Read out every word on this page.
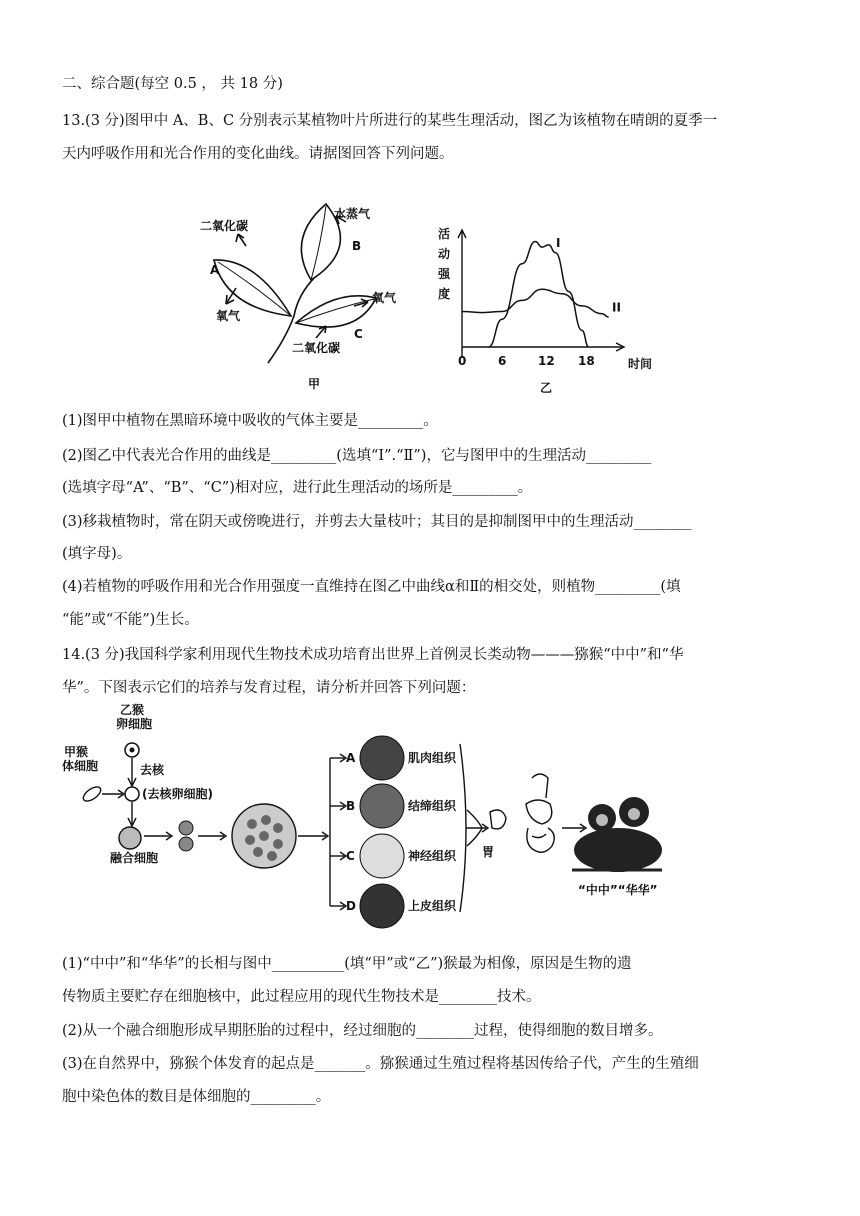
二、综合题(每空 0.5 ， 共 18 分)
13.(3 分)图甲中 A、B、C 分别表示某植物叶片所进行的某些生理活动，图乙为该植物在晴朗的夏季一
天内呼吸作用和光合作用的变化曲线。请据图回答下列问题。
二氧化碳
水蒸气
A
B
氧气
氧气
二氧化碳
C
甲
活
动
强
度
0	6	12 18
I
II
时间
乙
(1)图甲中植物在黑暗环境中吸收的气体主要是_________。
(2)图乙中代表光合作用的曲线是_________(选填“Ⅰ”.“Ⅱ”)，它与图甲中的生理活动_________
(选填字母“A”、“B”、“C”)相对应，进行此生理活动的场所是_________。
(3)移栽植物时，常在阴天或傍晚进行，并剪去大量枝叶；其目的是抑制图甲中的生理活动________
(填字母)。
(4)若植物的呼吸作用和光合作用强度一直维持在图乙中曲线α和Ⅱ的相交处，则植物_________(填
“能”或“不能”)生长。
14.(3 分)我国科学家利用现代生物技术成功培育出世界上首例灵长类动物———猕猴“中中”和“华
华”。下图表示它们的培养与发育过程，请分析并回答下列问题：
乙猴
卵细胞
去核
甲猴
体细胞
(去核卵细胞)
融合细胞
A	肌肉组织
B	结缔组织
C	神经组织
D	上皮组织
胃
“中中”“华华”
(1)“中中”和“华华”的长相与图中__________(填“甲”或“乙”)猴最为相像，原因是生物的遗
传物质主要贮存在细胞核中，此过程应用的现代生物技术是________技术。
(2)从一个融合细胞形成早期胚胎的过程中，经过细胞的________过程，使得细胞的数目增多。
(3)在自然界中，猕猴个体发育的起点是_______。猕猴通过生殖过程将基因传给子代，产生的生殖细
胞中染色体的数目是体细胞的_________。
